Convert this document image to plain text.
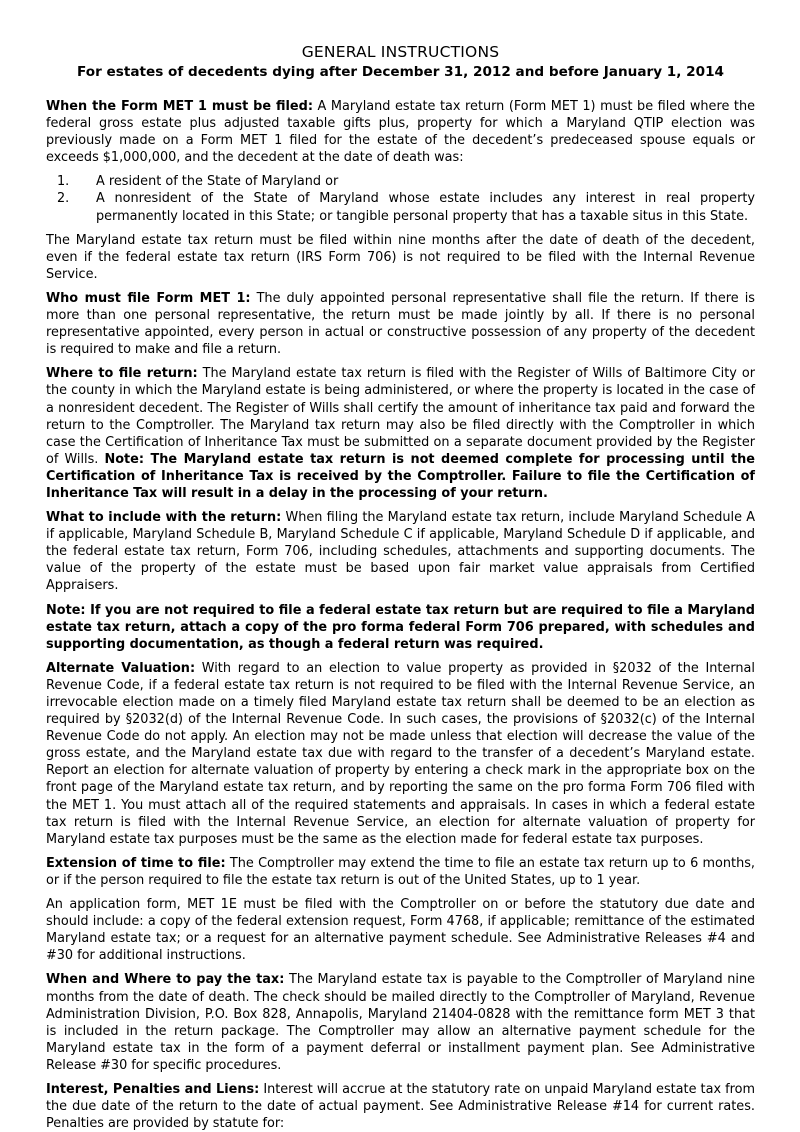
GENERAL INSTRUCTIONS
For estates of decedents dying after December 31, 2012 and before January 1, 2014

When the Form MET 1 must be filed: A Maryland estate tax return (Form MET 1) must be filed where the federal gross estate plus adjusted taxable gifts plus, property for which a Maryland QTIP election was previously made on a Form MET 1 filed for the estate of the decedent’s predeceased spouse equals or exceeds $1,000,000, and the decedent at the date of death was:

1.	A resident of the State of Maryland or
2.	A nonresident of the State of Maryland whose estate includes any interest in real property permanently located in this State; or tangible personal property that has a taxable situs in this State.

The Maryland estate tax return must be filed within nine months after the date of death of the decedent, even if the federal estate tax return (IRS Form 706) is not required to be filed with the Internal Revenue Service.

Who must file Form MET 1: The duly appointed personal representative shall file the return. If there is more than one personal representative, the return must be made jointly by all. If there is no personal representative appointed, every person in actual or constructive possession of any property of the decedent is required to make and file a return.

Where to file return: The Maryland estate tax return is filed with the Register of Wills of Baltimore City or the county in which the Maryland estate is being administered, or where the property is located in the case of a nonresident decedent. The Register of Wills shall certify the amount of inheritance tax paid and forward the return to the Comptroller. The Maryland tax return may also be filed directly with the Comptroller in which case the Certification of Inheritance Tax must be submitted on a separate document provided by the Register of Wills. Note: The Maryland estate tax return is not deemed complete for processing until the Certification of Inheritance Tax is received by the Comptroller. Failure to file the Certification of Inheritance Tax will result in a delay in the processing of your return.

What to include with the return: When filing the Maryland estate tax return, include Maryland Schedule A if applicable, Maryland Schedule B, Maryland Schedule C if applicable, Maryland Schedule D if applicable, and the federal estate tax return, Form 706, including schedules, attachments and supporting documents. The value of the property of the estate must be based upon fair market value appraisals from Certified Appraisers.

Note: If you are not required to file a federal estate tax return but are required to file a Maryland estate tax return, attach a copy of the pro forma federal Form 706 prepared, with schedules and supporting documentation, as though a federal return was required.

Alternate Valuation: With regard to an election to value property as provided in §2032 of the Internal Revenue Code, if a federal estate tax return is not required to be filed with the Internal Revenue Service, an irrevocable election made on a timely filed Maryland estate tax return shall be deemed to be an election as required by §2032(d) of the Internal Revenue Code. In such cases, the provisions of §2032(c) of the Internal Revenue Code do not apply. An election may not be made unless that election will decrease the value of the gross estate, and the Maryland estate tax due with regard to the transfer of a decedent’s Maryland estate. Report an election for alternate valuation of property by entering a check mark in the appropriate box on the front page of the Maryland estate tax return, and by reporting the same on the pro forma Form 706 filed with the MET 1. You must attach all of the required statements and appraisals. In cases in which a federal estate tax return is filed with the Internal Revenue Service, an election for alternate valuation of property for Maryland estate tax purposes must be the same as the election made for federal estate tax purposes.

Extension of time to file: The Comptroller may extend the time to file an estate tax return up to 6 months, or if the person required to file the estate tax return is out of the United States, up to 1 year.

An application form, MET 1E must be filed with the Comptroller on or before the statutory due date and should include: a copy of the federal extension request, Form 4768, if applicable; remittance of the estimated Maryland estate tax; or a request for an alternative payment schedule. See Administrative Releases #4 and #30 for additional instructions.

When and Where to pay the tax: The Maryland estate tax is payable to the Comptroller of Maryland nine months from the date of death. The check should be mailed directly to the Comptroller of Maryland, Revenue Administration Division, P.O. Box 828, Annapolis, Maryland 21404-0828 with the remittance form MET 3 that is included in the return package. The Comptroller may allow an alternative payment schedule for the Maryland estate tax in the form of a payment deferral or installment payment plan. See Administrative Release #30 for specific procedures.

Interest, Penalties and Liens: Interest will accrue at the statutory rate on unpaid Maryland estate tax from the due date of the return to the date of actual payment. See Administrative Release #14 for current rates. Penalties are provided by statute for:
